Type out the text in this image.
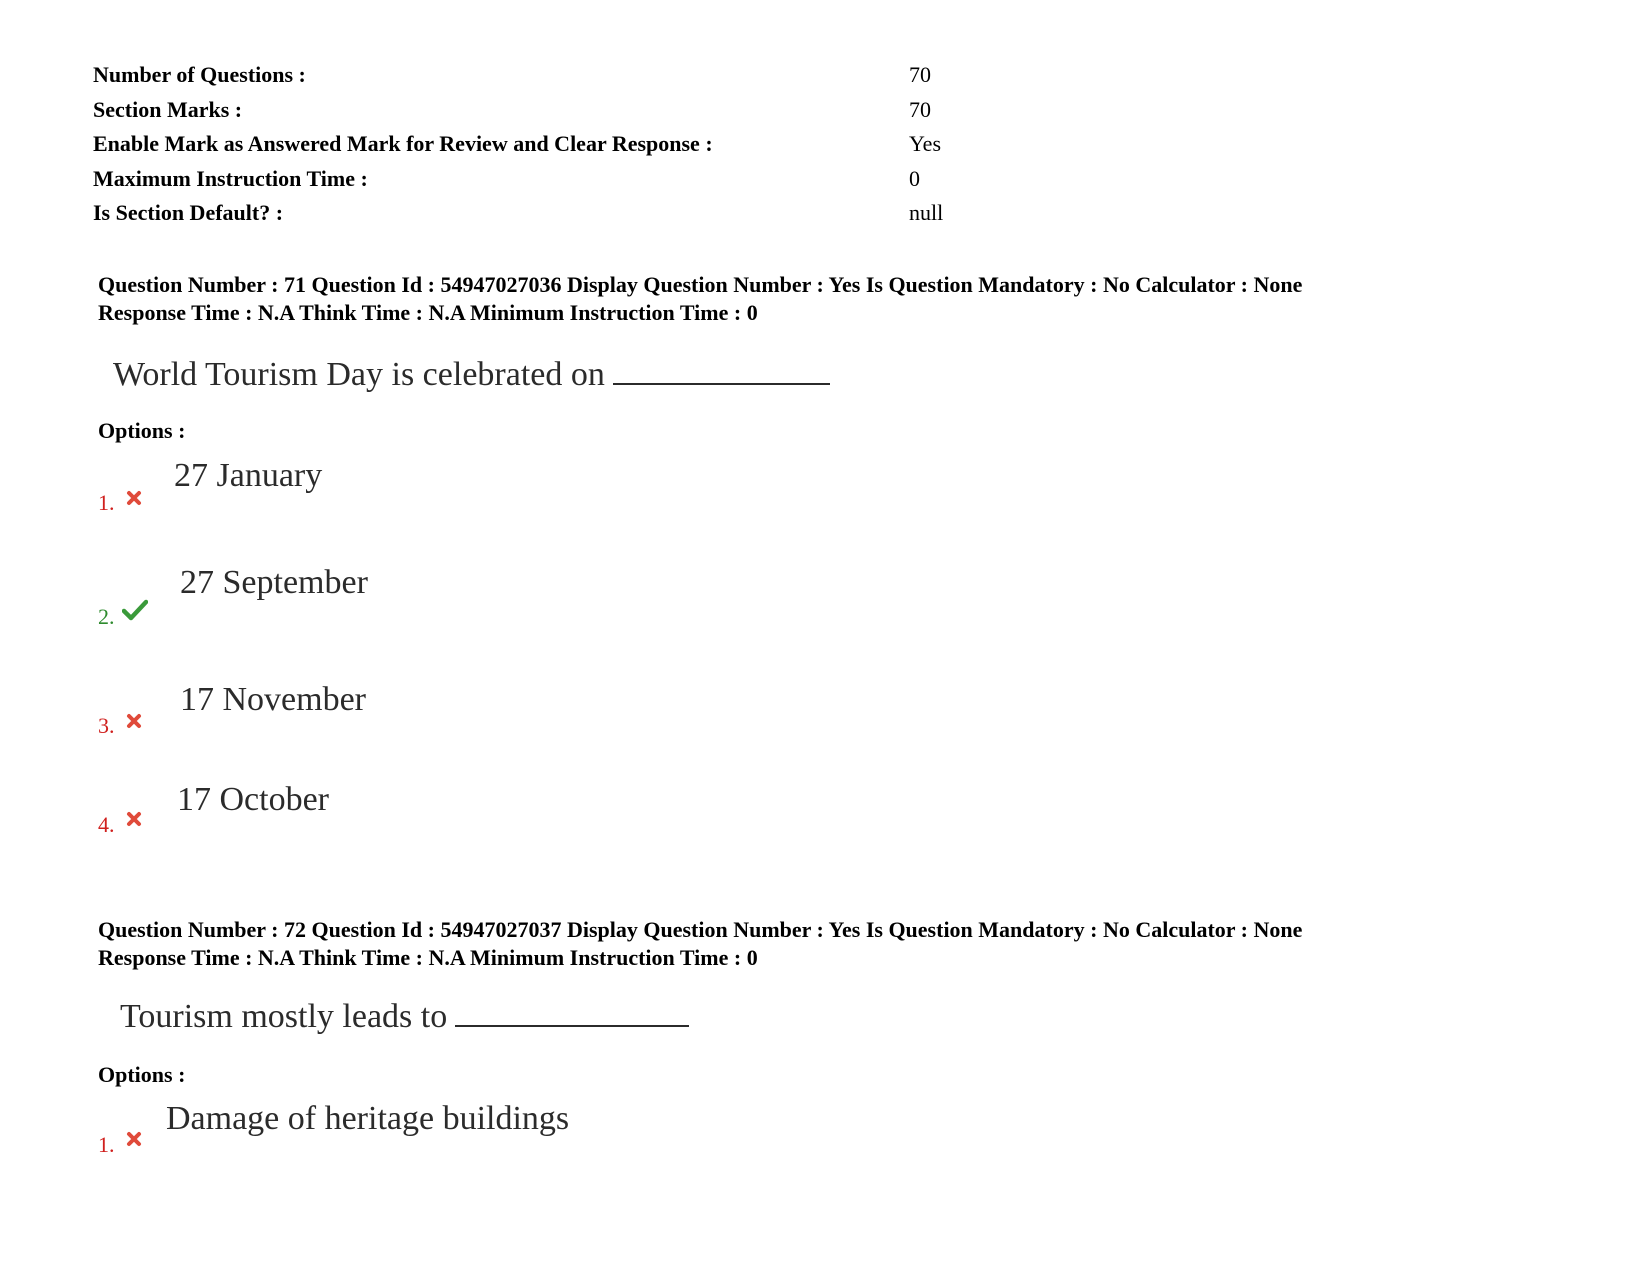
Number of Questions :	70
Section Marks :	70
Enable Mark as Answered Mark for Review and Clear Response :	Yes
Maximum Instruction Time :	0
Is Section Default? :	null
Question Number : 71 Question Id : 54947027036 Display Question Number : Yes Is Question Mandatory : No Calculator : None
Response Time : N.A Think Time : N.A Minimum Instruction Time : 0
World Tourism Day is celebrated on
Options :
1.
27 January
2.
27 September
3.
17 November
4.
17 October
Question Number : 72 Question Id : 54947027037 Display Question Number : Yes Is Question Mandatory : No Calculator : None
Response Time : N.A Think Time : N.A Minimum Instruction Time : 0
Tourism mostly leads to
Options :
1.
Damage of heritage buildings
